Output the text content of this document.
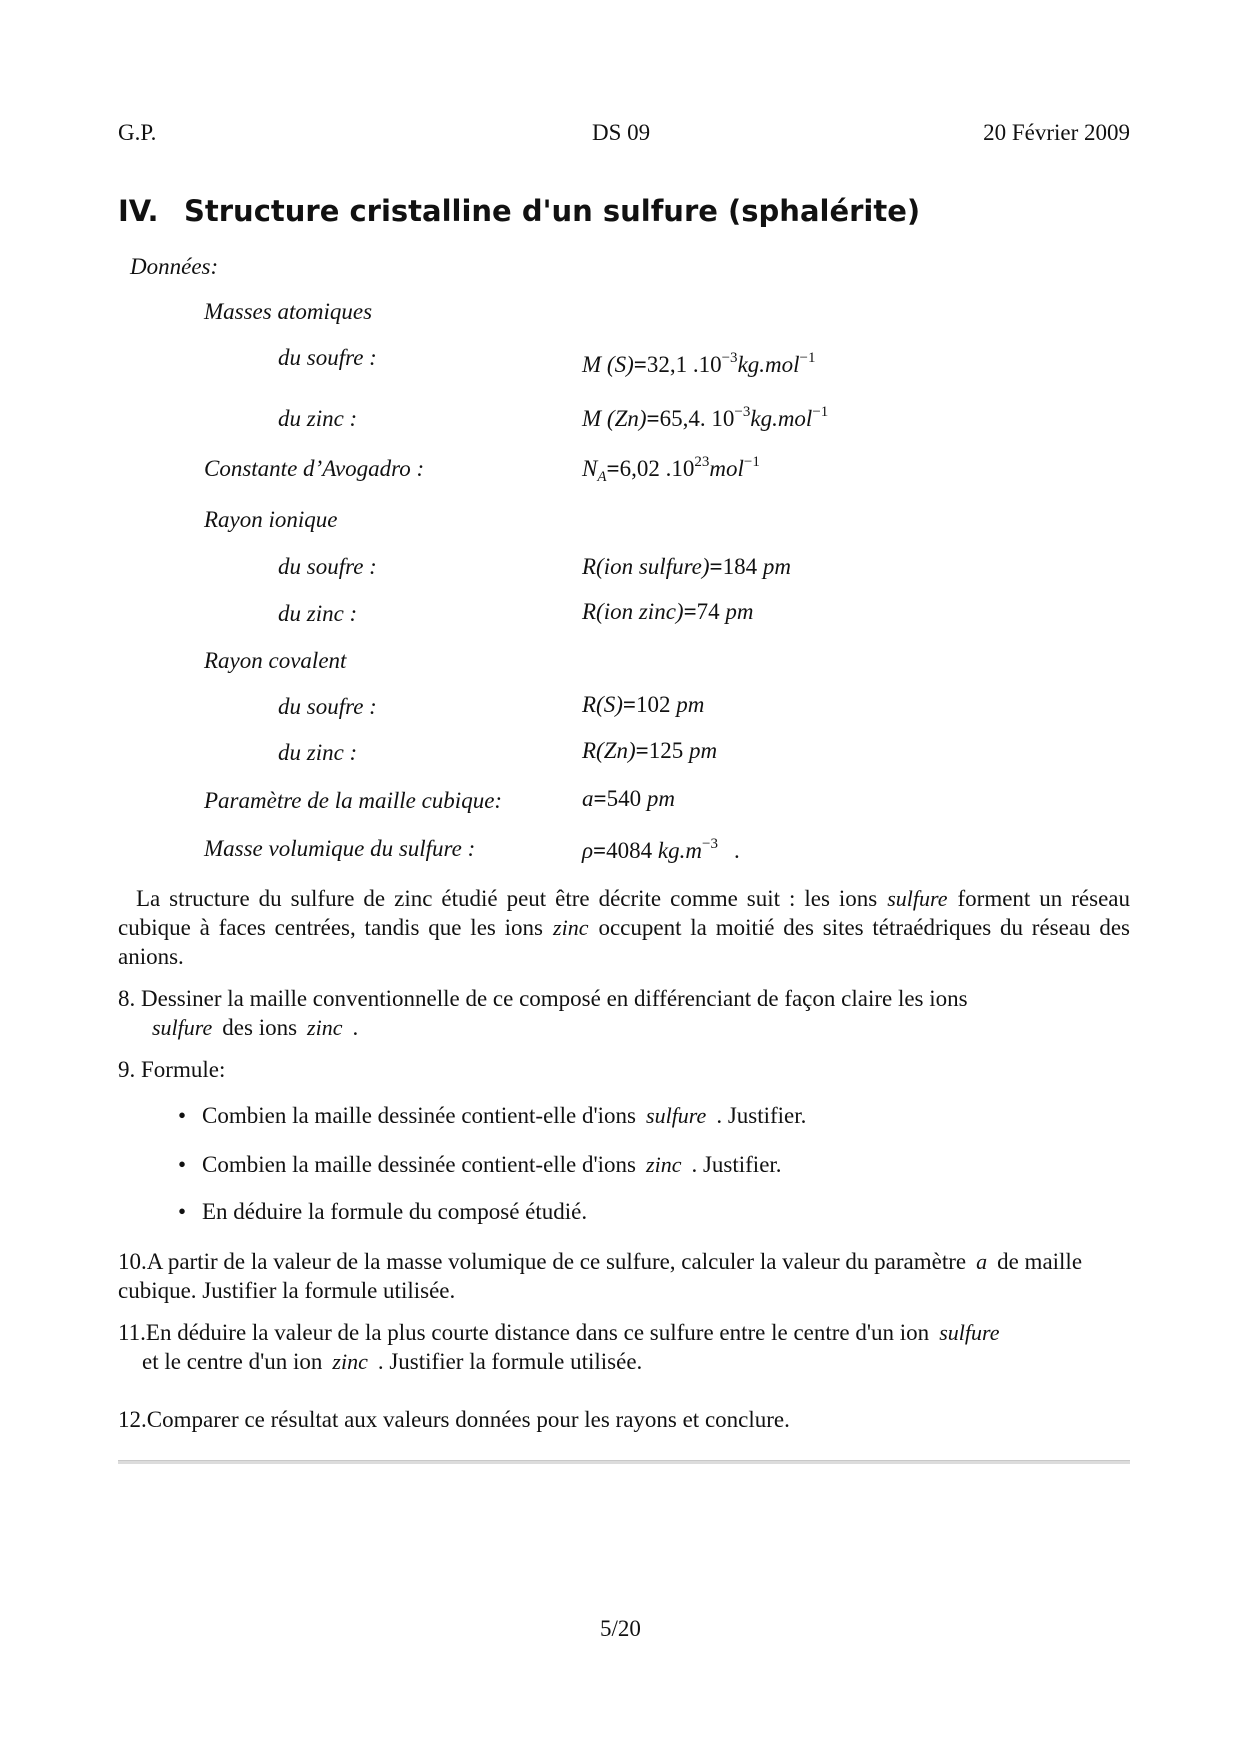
G.P.	DS 09	20 Février 2009
IV. Structure cristalline d'un sulfure (sphalérite)
Données:
Masses atomiques
du soufre :	M (S)=32,1 $.10^{-3}kg.mol^{-1}$
du zinc :	M (Zn)=65,4. $10^{-3}kg.mol^{-1}$
Constante d’Avogadro :	$N_A=6,02$ $.10^{23}mol^{-1}$
Rayon ionique
du soufre :	R(ion sulfure)=184 pm
du zinc :	R(ion zinc)=74 pm
Rayon covalent
du soufre :	R(S)=102 pm
du zinc :	R(Zn)=125 pm
Paramètre de la maille cubique:	a=540 pm
Masse volumique du sulfure :	ρ=4084 $kg.m^{-3}$ .

La structure du sulfure de zinc étudié peut être décrite comme suit : les ions sulfure forment un réseau cubique à faces centrées, tandis que les ions zinc occupent la moitié des sites tétraédriques du réseau des anions.

8. Dessiner la maille conventionnelle de ce composé en différenciant de façon claire les ions
sulfure des ions zinc .

9. Formule:
• Combien la maille dessinée contient-elle d'ions sulfure . Justifier.
• Combien la maille dessinée contient-elle d'ions zinc . Justifier.
• En déduire la formule du composé étudié.
10.A partir de la valeur de la masse volumique de ce sulfure, calculer la valeur du paramètre a de maille cubique. Justifier la formule utilisée.
11.En déduire la valeur de la plus courte distance dans ce sulfure entre le centre d'un ion sulfure
et le centre d'un ion zinc . Justifier la formule utilisée.
12.Comparer ce résultat aux valeurs données pour les rayons et conclure.
5/20
